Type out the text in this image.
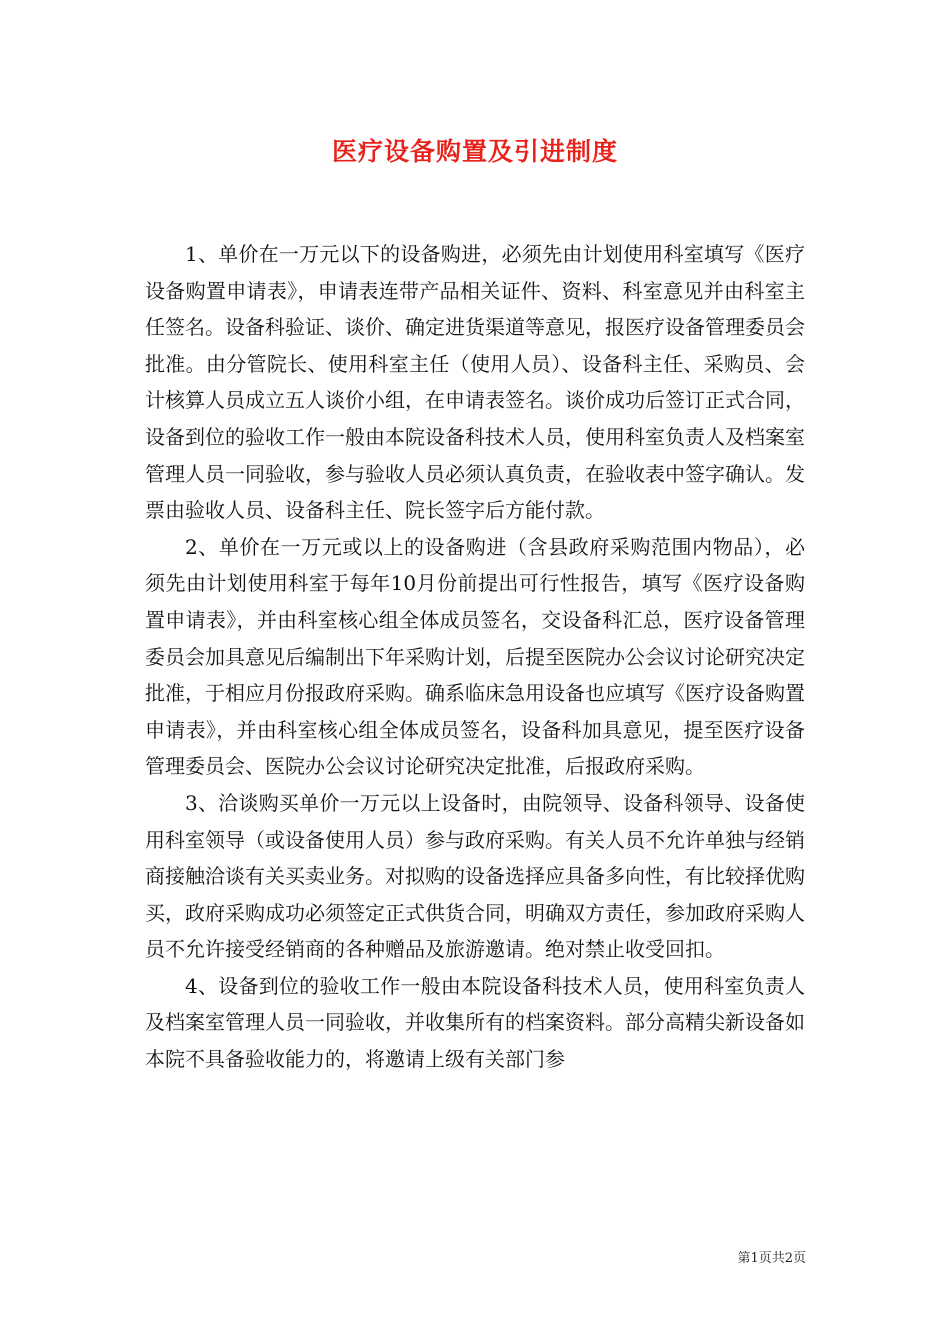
医疗设备购置及引进制度

1、单价在一万元以下的设备购进，必须先由计划使用科室填写《医疗设备购置申请表》，申请表连带产品相关证件、资料、科室意见并由科室主任签名。设备科验证、谈价、确定进货渠道等意见，报医疗设备管理委员会批准。由分管院长、使用科室主任（使用人员）、设备科主任、采购员、会计核算人员成立五人谈价小组，在申请表签名。谈价成功后签订正式合同，设备到位的验收工作一般由本院设备科技术人员，使用科室负责人及档案室管理人员一同验收，参与验收人员必须认真负责，在验收表中签字确认。发票由验收人员、设备科主任、院长签字后方能付款。

2、单价在一万元或以上的设备购进（含县政府采购范围内物品），必须先由计划使用科室于每年10月份前提出可行性报告，填写《医疗设备购置申请表》，并由科室核心组全体成员签名，交设备科汇总，医疗设备管理委员会加具意见后编制出下年采购计划，后提至医院办公会议讨论研究决定批准，于相应月份报政府采购。确系临床急用设备也应填写《医疗设备购置申请表》，并由科室核心组全体成员签名，设备科加具意见，提至医疗设备管理委员会、医院办公会议讨论研究决定批准，后报政府采购。

3、洽谈购买单价一万元以上设备时，由院领导、设备科领导、设备使用科室领导（或设备使用人员）参与政府采购。有关人员不允许单独与经销商接触洽谈有关买卖业务。对拟购的设备选择应具备多向性，有比较择优购买，政府采购成功必须签定正式供货合同，明确双方责任，参加政府采购人员不允许接受经销商的各种赠品及旅游邀请。绝对禁止收受回扣。

4、设备到位的验收工作一般由本院设备科技术人员，使用科室负责人及档案室管理人员一同验收，并收集所有的档案资料。部分高精尖新设备如本院不具备验收能力的，将邀请上级有关部门参

第1页共2页
